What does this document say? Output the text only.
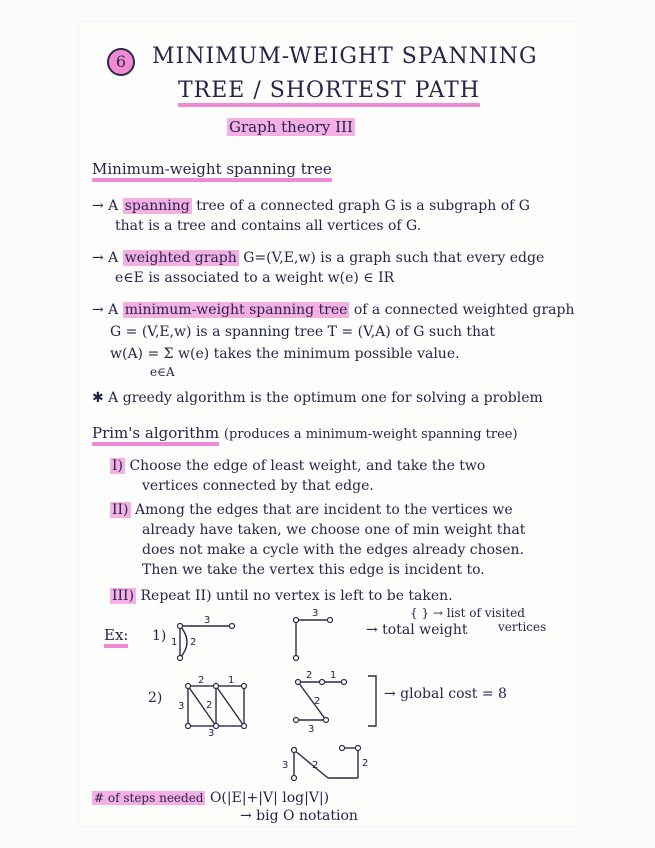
6	MINIMUM-WEIGHT SPANNING
TREE / SHORTEST PATH
Graph theory III
Minimum-weight spanning tree
→ A spanning tree of a connected graph G is a subgraph of G
that is a tree and contains all vertices of G.
→ A weighted graph G=(V,E,w) is a graph such that every edge
e∈E is associated to a weight w(e) ∈ IR
→ A minimum-weight spanning tree of a connected weighted graph
G = (V,E,w) is a spanning tree T = (V,A) of G such that
w(A) = Σ w(e) takes the minimum possible value.
e∈A
✱ A greedy algorithm is the optimum one for solving a problem
Prim's algorithm (produces a minimum-weight spanning tree)
I) Choose the edge of least weight, and take the two
vertices connected by that edge.
II) Among the edges that are incident to the vertices we
already have taken, we choose one of min weight that
does not make a cycle with the edges already chosen.
Then we take the vertex this edge is incident to.
III) Repeat II) until no vertex is left to be taken.
{ } → list of visited
vertices
Ex: 1)
2)
3
1 2
3
→ total weight
2 1
3 2
3
2 1
2
3
→ global cost = 8
3 2	2
# of steps needed O(|E|+|V| log|V|)
→ big O notation
